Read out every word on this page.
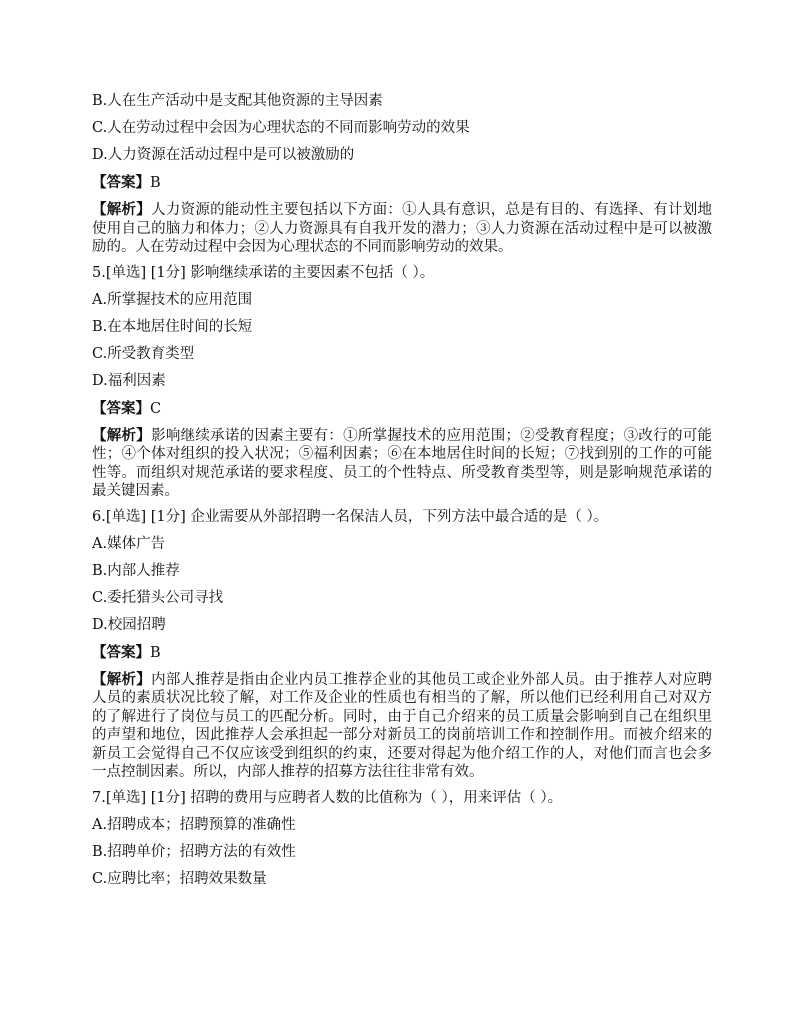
B.人在生产活动中是支配其他资源的主导因素

C.人在劳动过程中会因为心理状态的不同而影响劳动的效果

D.人力资源在活动过程中是可以被激励的

【答案】B

【解析】人力资源的能动性主要包括以下方面：①人具有意识，总是有目的、有选择、有计划地使用自己的脑力和体力；②人力资源具有自我开发的潜力；③人力资源在活动过程中是可以被激励的。人在劳动过程中会因为心理状态的不同而影响劳动的效果。

5.[单选] [1分] 影响继续承诺的主要因素不包括（ ）。

A.所掌握技术的应用范围

B.在本地居住时间的长短

C.所受教育类型

D.福利因素

【答案】C

【解析】影响继续承诺的因素主要有：①所掌握技术的应用范围；②受教育程度；③改行的可能性；④个体对组织的投入状况；⑤福利因素；⑥在本地居住时间的长短；⑦找到别的工作的可能性等。而组织对规范承诺的要求程度、员工的个性特点、所受教育类型等，则是影响规范承诺的最关键因素。

6.[单选] [1分] 企业需要从外部招聘一名保洁人员，下列方法中最合适的是（ ）。

A.媒体广告

B.内部人推荐

C.委托猎头公司寻找

D.校园招聘

【答案】B

【解析】内部人推荐是指由企业内员工推荐企业的其他员工或企业外部人员。由于推荐人对应聘人员的素质状况比较了解，对工作及企业的性质也有相当的了解，所以他们已经利用自己对双方的了解进行了岗位与员工的匹配分析。同时，由于自己介绍来的员工质量会影响到自己在组织里的声望和地位，因此推荐人会承担起一部分对新员工的岗前培训工作和控制作用。而被介绍来的新员工会觉得自己不仅应该受到组织的约束，还要对得起为他介绍工作的人，对他们而言也会多一点控制因素。所以，内部人推荐的招募方法往往非常有效。

7.[单选] [1分] 招聘的费用与应聘者人数的比值称为（ ），用来评估（ ）。

A.招聘成本；招聘预算的准确性

B.招聘单价；招聘方法的有效性

C.应聘比率；招聘效果数量
